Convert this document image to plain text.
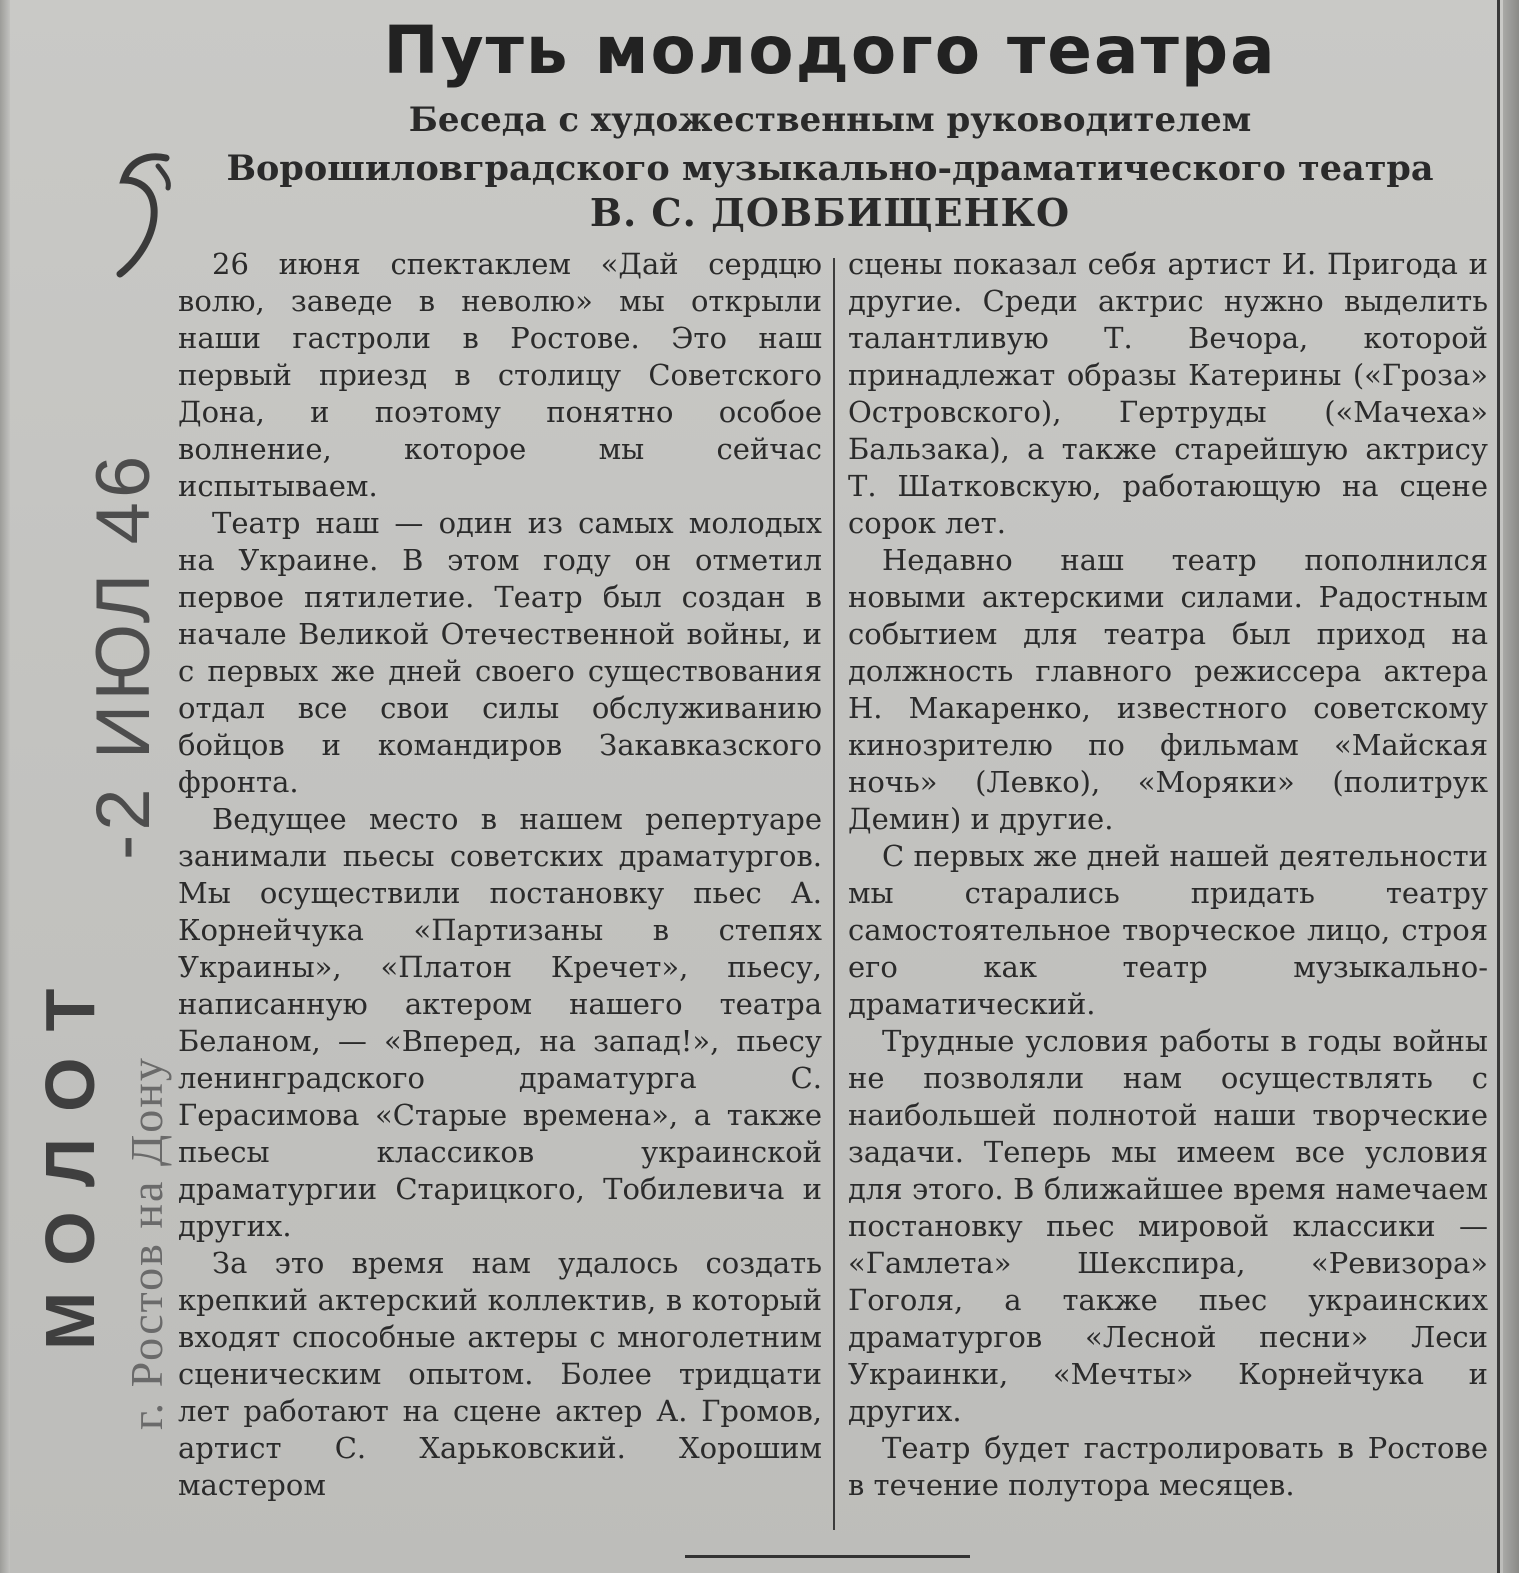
Путь молодого театра
Беседа с художественным руководителем
Ворошиловградского музыкально-драматического театра
В. С. ДОВБИЩЕНКО

26 июня спектаклем «Дай сердцю волю, заведе в неволю» мы открыли наши гастроли в Ростове. Это наш первый приезд в столицу Советского Дона, и поэтому понятно особое волнение, которое мы сейчас испытываем.

Театр наш — один из самых молодых на Украине. В этом году он отметил первое пятилетие. Театр был создан в начале Великой Отечественной войны, и с первых же дней своего существования отдал все свои силы обслуживанию бойцов и командиров Закавказского фронта.

Ведущее место в нашем репертуаре занимали пьесы советских драматургов. Мы осуществили постановку пьес А. Корнейчука «Партизаны в степях Украины», «Платон Кречет», пьесу, написанную актером нашего театра Беланом, — «Вперед, на запад!», пьесу ленинградского драматурга С. Герасимова «Старые времена», а также пьесы классиков украинской драматургии Старицкого, Тобилевича и других.

За это время нам удалось создать крепкий актерский коллектив, в который входят способные актеры с многолетним сценическим опытом. Более тридцати лет работают на сцене актер А. Громов, артист С. Харьковский. Хорошим мастером

сцены показал себя артист И. Пригода и другие. Среди актрис нужно выделить талантливую Т. Вечора, которой принадлежат образы Катерины («Гроза» Островского), Гертруды («Мачеха» Бальзака), а также старейшую актрису Т. Шатковскую, работающую на сцене сорок лет.

Недавно наш театр пополнился новыми актерскими силами. Радостным событием для театра был приход на должность главного режиссера актера Н. Макаренко, известного советскому кинозрителю по фильмам «Майская ночь» (Левко), «Моряки» (политрук Демин) и другие.

С первых же дней нашей деятельности мы старались придать театру самостоятельное творческое лицо, строя его как театр музыкально-драматический.

Трудные условия работы в годы войны не позволяли нам осуществлять с наибольшей полнотой наши творческие задачи. Теперь мы имеем все условия для этого. В ближайшее время намечаем постановку пьес мировой классики — «Гамлета» Шекспира, «Ревизора» Гоголя, а также пьес украинских драматургов «Лесной песни» Леси Украинки, «Мечты» Корнейчука и других.

Театр будет гастролировать в Ростове в течение полутора месяцев.

-2 ИЮЛ 46
МОЛОТ г. Ростов на Дону
